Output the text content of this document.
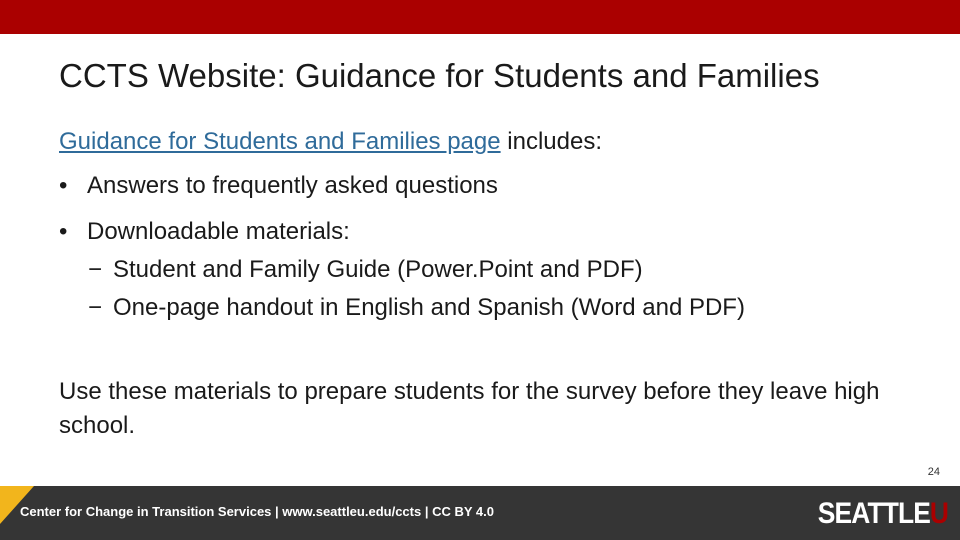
CCTS Website: Guidance for Students and Families
Guidance for Students and Families page includes:
• Answers to frequently asked questions
• Downloadable materials:
− Student and Family Guide (Power.Point and PDF)
− One-page handout in English and Spanish (Word and PDF)
Use these materials to prepare students for the survey before they leave high school.
24
Center for Change in Transition Services | www.seattleu.edu/ccts | CC BY 4.0	SEATTLEU
